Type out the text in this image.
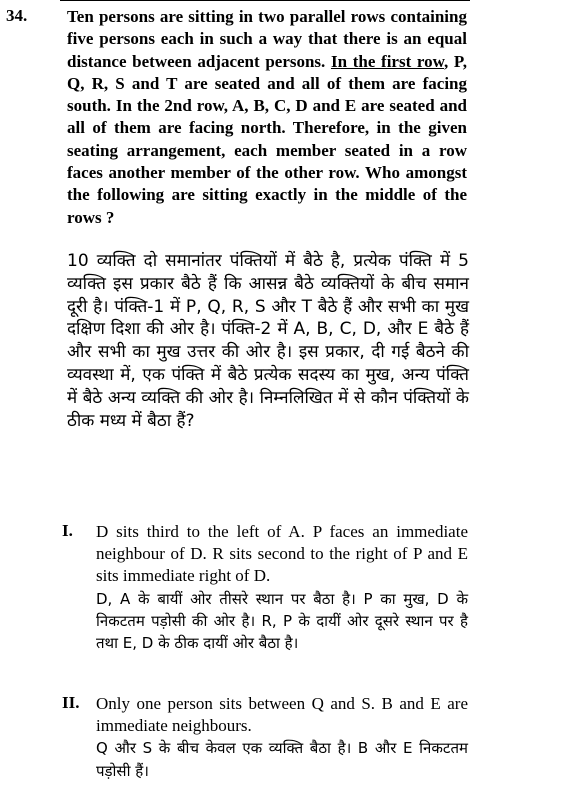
34. Ten persons are sitting in two parallel rows containing five persons each in such a way that there is an equal distance between adjacent persons. In the first row, P, Q, R, S and T are seated and all of them are facing south. In the 2nd row, A, B, C, D and E are seated and all of them are facing north. Therefore, in the given seating arrangement, each member seated in a row faces another member of the other row. Who amongst the following are sitting exactly in the middle of the rows ?
10 व्यक्ति दो समानांतर पंक्तियों में बैठे है, प्रत्येक पंक्ति में 5 व्यक्ति इस प्रकार बैठे हैं कि आसन्न बैठे व्यक्तियों के बीच समान दूरी है। पंक्ति-1 में P, Q, R, S और T बैठे हैं और सभी का मुख दक्षिण दिशा की ओर है। पंक्ति-2 में A, B, C, D, और E बैठे हैं और सभी का मुख उत्तर की ओर है। इस प्रकार, दी गई बैठने की व्यवस्था में, एक पंक्ति में बैठे प्रत्येक सदस्य का मुख, अन्य पंक्ति में बैठे अन्य व्यक्ति की ओर है। निम्नलिखित में से कौन पंक्तियों के ठीक मध्य में बैठा हैं?
I. D sits third to the left of A. P faces an immediate neighbour of D. R sits second to the right of P and E sits immediate right of D.
D, A के बायीं ओर तीसरे स्थान पर बैठा है। P का मुख, D के निकटतम पड़ोसी की ओर है। R, P के दायीं ओर दूसरे स्थान पर है तथा E, D के ठीक दायीं ओर बैठा है।
II. Only one person sits between Q and S. B and E are immediate neighbours.
Q और S के बीच केवल एक व्यक्ति बैठा है। B और E निकटतम पड़ोसी हैं।
